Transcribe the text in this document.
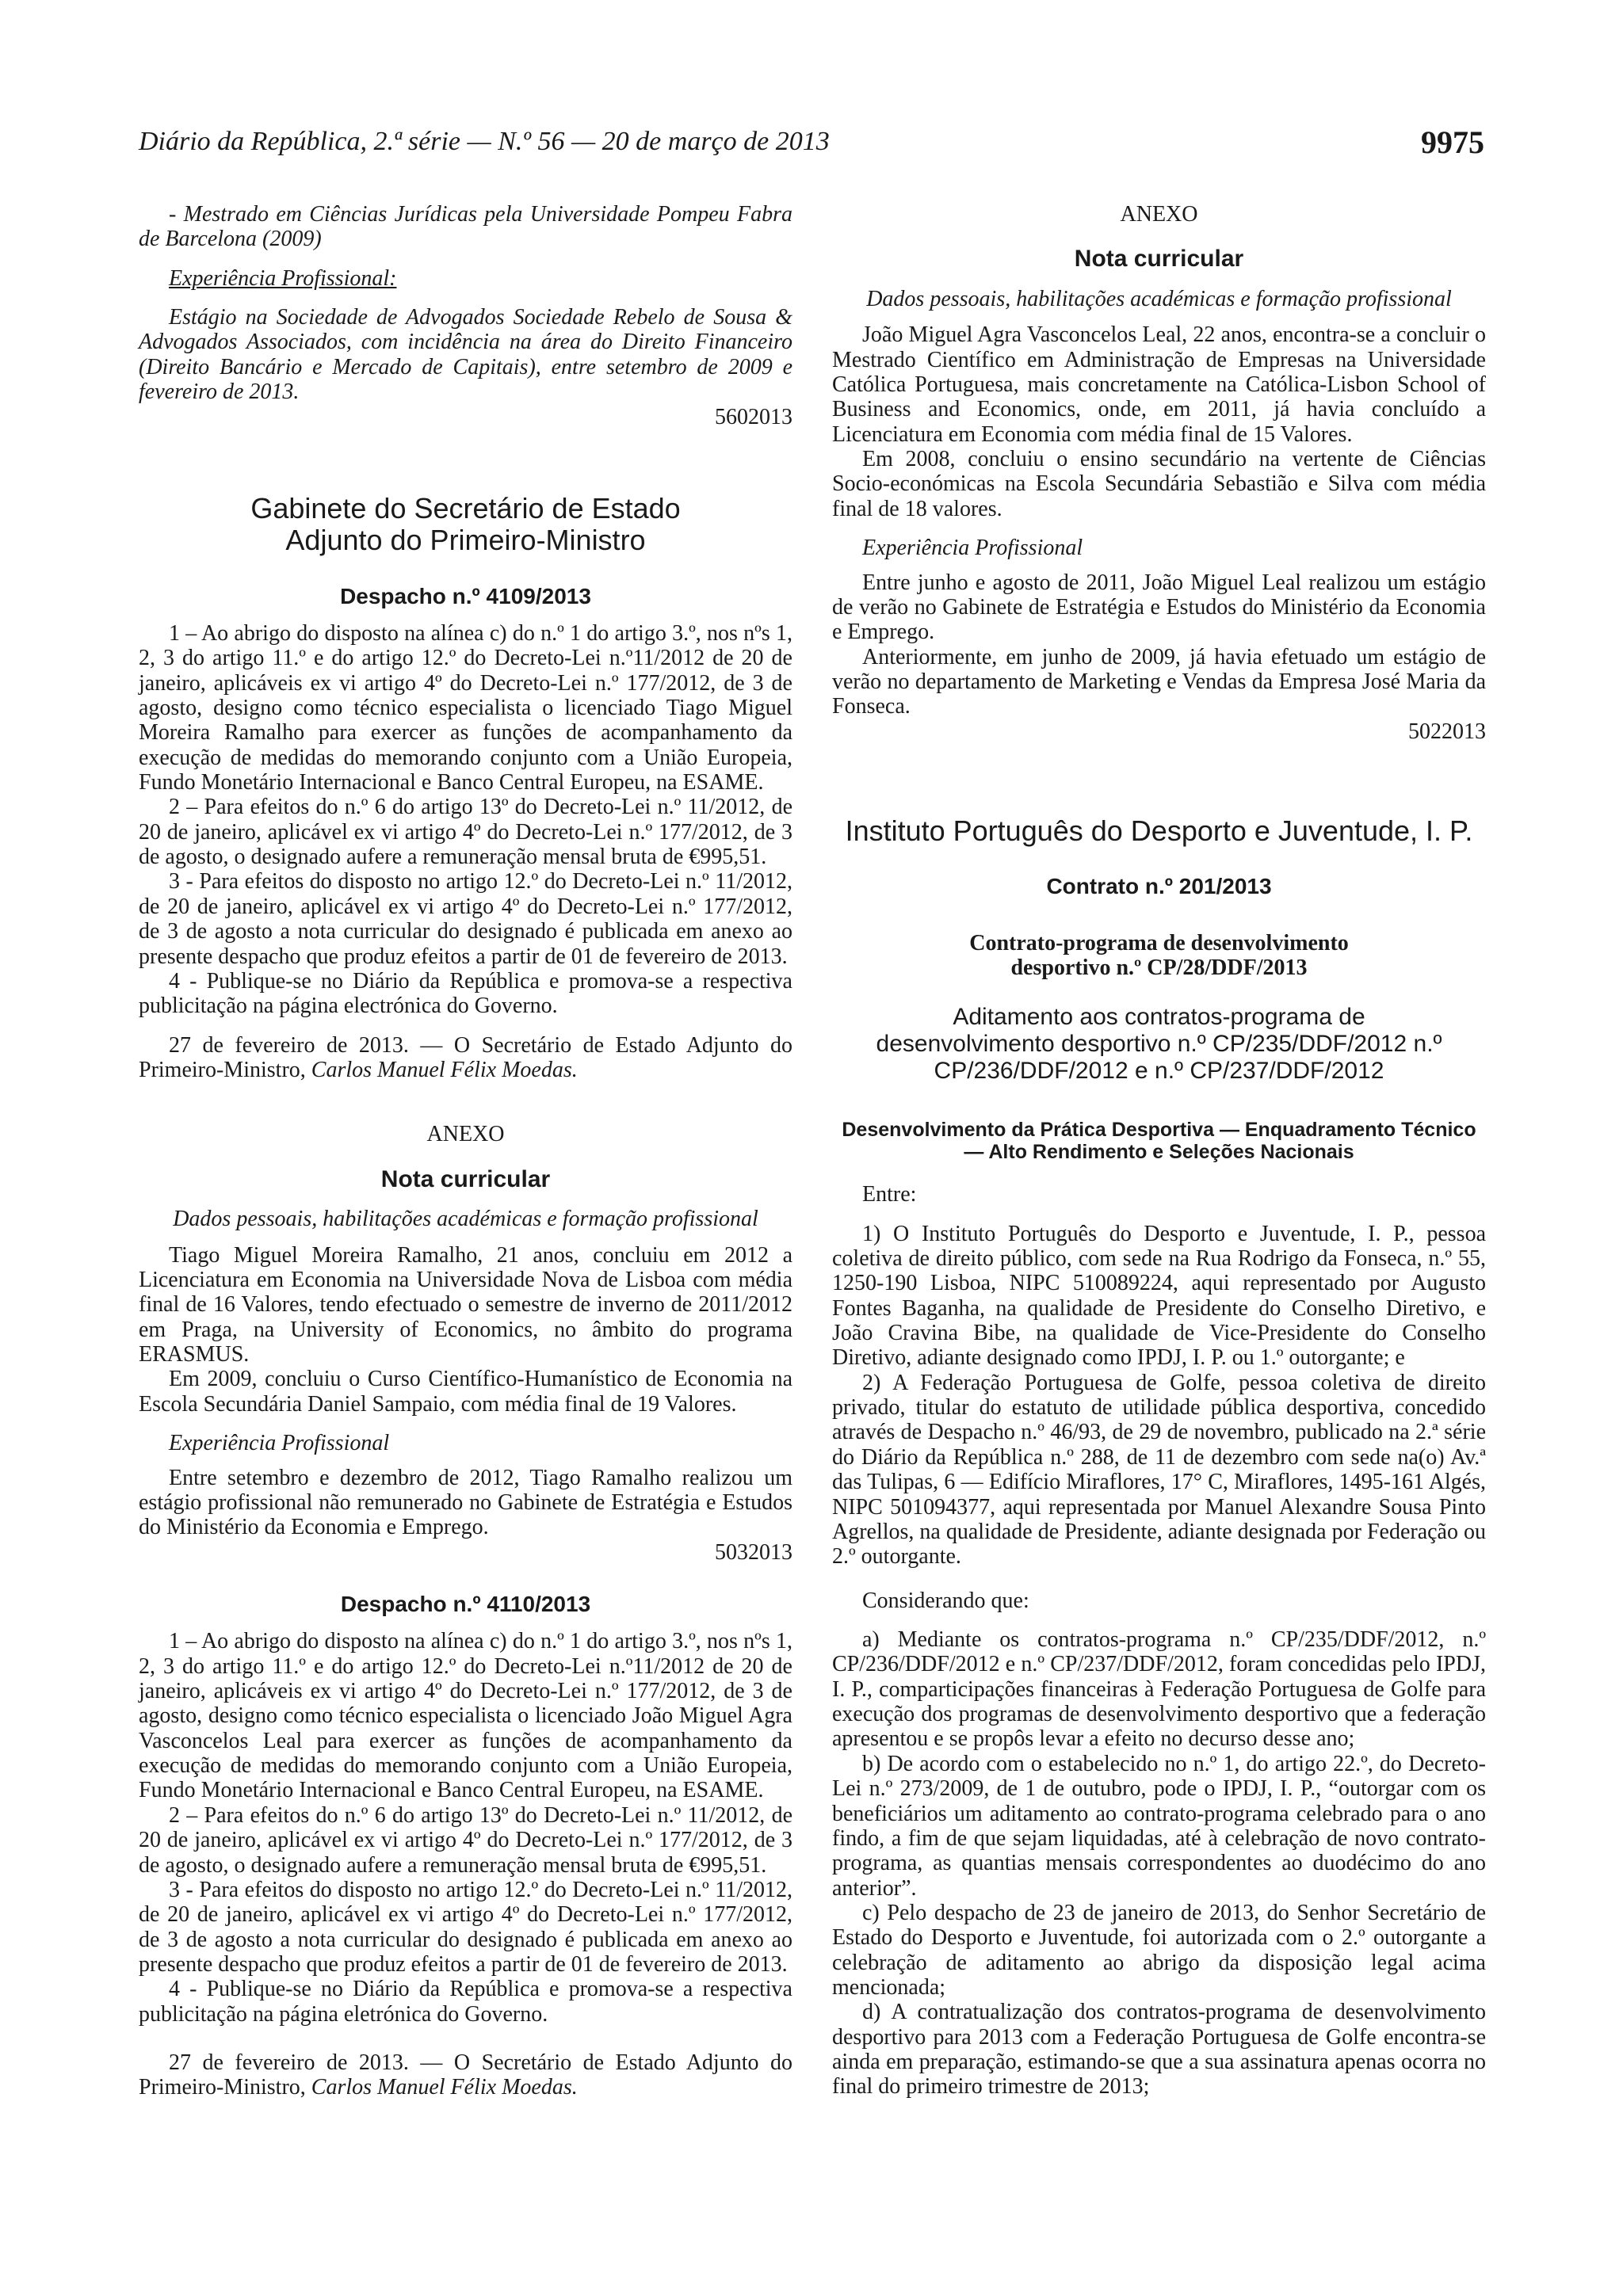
Diário da República, 2.ª série — N.º 56 — 20 de março de 2013	9975

- Mestrado em Ciências Jurídicas pela Universidade Pompeu Fabra de Barcelona (2009)

Experiência Profissional:

Estágio na Sociedade de Advogados Sociedade Rebelo de Sousa & Advogados Associados, com incidência na área do Direito Financeiro (Direito Bancário e Mercado de Capitais), entre setembro de 2009 e fevereiro de 2013.

5602013

Gabinete do Secretário de Estado Adjunto do Primeiro-Ministro
Despacho n.º 4109/2013

1 – Ao abrigo do disposto na alínea c) do n.º 1 do artigo 3.º, nos nºs 1, 2, 3 do artigo 11.º e do artigo 12.º do Decreto-Lei n.º11/2012 de 20 de janeiro, aplicáveis ex vi artigo 4º do Decreto-Lei n.º 177/2012, de 3 de agosto, designo como técnico especialista o licenciado Tiago Miguel Moreira Ramalho para exercer as funções de acompanhamento da execução de medidas do memorando conjunto com a União Europeia, Fundo Monetário Internacional e Banco Central Europeu, na ESAME.

2 – Para efeitos do n.º 6 do artigo 13º do Decreto-Lei n.º 11/2012, de 20 de janeiro, aplicável ex vi artigo 4º do Decreto-Lei n.º 177/2012, de 3 de agosto, o designado aufere a remuneração mensal bruta de €995,51.

3 - Para efeitos do disposto no artigo 12.º do Decreto-Lei n.º 11/2012, de 20 de janeiro, aplicável ex vi artigo 4º do Decreto-Lei n.º 177/2012, de 3 de agosto a nota curricular do designado é publicada em anexo ao presente despacho que produz efeitos a partir de 01 de fevereiro de 2013.

4 - Publique-se no Diário da República e promova-se a respectiva publicitação na página electrónica do Governo.

27 de fevereiro de 2013. — O Secretário de Estado Adjunto do Primeiro-Ministro, Carlos Manuel Félix Moedas.

ANEXO
Nota curricular
Dados pessoais, habilitações académicas e formação profissional

Tiago Miguel Moreira Ramalho, 21 anos, concluiu em 2012 a Licenciatura em Economia na Universidade Nova de Lisboa com média final de 16 Valores, tendo efectuado o semestre de inverno de 2011/2012 em Praga, na University of Economics, no âmbito do programa ERASMUS.

Em 2009, concluiu o Curso Científico-Humanístico de Economia na Escola Secundária Daniel Sampaio, com média final de 19 Valores.

Experiência Profissional

Entre setembro e dezembro de 2012, Tiago Ramalho realizou um estágio profissional não remunerado no Gabinete de Estratégia e Estudos do Ministério da Economia e Emprego.

5032013

Despacho n.º 4110/2013

1 – Ao abrigo do disposto na alínea c) do n.º 1 do artigo 3.º, nos nºs 1, 2, 3 do artigo 11.º e do artigo 12.º do Decreto-Lei n.º11/2012 de 20 de janeiro, aplicáveis ex vi artigo 4º do Decreto-Lei n.º 177/2012, de 3 de agosto, designo como técnico especialista o licenciado João Miguel Agra Vasconcelos Leal para exercer as funções de acompanhamento da execução de medidas do memorando conjunto com a União Europeia, Fundo Monetário Internacional e Banco Central Europeu, na ESAME.

2 – Para efeitos do n.º 6 do artigo 13º do Decreto-Lei n.º 11/2012, de 20 de janeiro, aplicável ex vi artigo 4º do Decreto-Lei n.º 177/2012, de 3 de agosto, o designado aufere a remuneração mensal bruta de €995,51.

3 - Para efeitos do disposto no artigo 12.º do Decreto-Lei n.º 11/2012, de 20 de janeiro, aplicável ex vi artigo 4º do Decreto-Lei n.º 177/2012, de 3 de agosto a nota curricular do designado é publicada em anexo ao presente despacho que produz efeitos a partir de 01 de fevereiro de 2013.

4 - Publique-se no Diário da República e promova-se a respectiva publicitação na página eletrónica do Governo.

27 de fevereiro de 2013. — O Secretário de Estado Adjunto do Primeiro-Ministro, Carlos Manuel Félix Moedas.

ANEXO
Nota curricular
Dados pessoais, habilitações académicas e formação profissional

João Miguel Agra Vasconcelos Leal, 22 anos, encontra-se a concluir o Mestrado Científico em Administração de Empresas na Universidade Católica Portuguesa, mais concretamente na Católica-Lisbon School of Business and Economics, onde, em 2011, já havia concluído a Licenciatura em Economia com média final de 15 Valores.

Em 2008, concluiu o ensino secundário na vertente de Ciências Socio-económicas na Escola Secundária Sebastião e Silva com média final de 18 valores.

Experiência Profissional

Entre junho e agosto de 2011, João Miguel Leal realizou um estágio de verão no Gabinete de Estratégia e Estudos do Ministério da Economia e Emprego.

Anteriormente, em junho de 2009, já havia efetuado um estágio de verão no departamento de Marketing e Vendas da Empresa José Maria da Fonseca.

5022013

Instituto Português do Desporto e Juventude, I. P.
Contrato n.º 201/2013
Contrato-programa de desenvolvimento desportivo n.º CP/28/DDF/2013
Aditamento aos contratos-programa de desenvolvimento desportivo n.º CP/235/DDF/2012 n.º CP/236/DDF/2012 e n.º CP/237/DDF/2012
Desenvolvimento da Prática Desportiva — Enquadramento Técnico — Alto Rendimento e Seleções Nacionais

Entre:

1) O Instituto Português do Desporto e Juventude, I. P., pessoa coletiva de direito público, com sede na Rua Rodrigo da Fonseca, n.º 55, 1250-190 Lisboa, NIPC 510089224, aqui representado por Augusto Fontes Baganha, na qualidade de Presidente do Conselho Diretivo, e João Cravina Bibe, na qualidade de Vice-Presidente do Conselho Diretivo, adiante designado como IPDJ, I. P. ou 1.º outorgante; e

2) A Federação Portuguesa de Golfe, pessoa coletiva de direito privado, titular do estatuto de utilidade pública desportiva, concedido através de Despacho n.º 46/93, de 29 de novembro, publicado na 2.ª série do Diário da República n.º 288, de 11 de dezembro com sede na(o) Av.ª das Tulipas, 6 — Edifício Miraflores, 17° C, Miraflores, 1495-161 Algés, NIPC 501094377, aqui representada por Manuel Alexandre Sousa Pinto Agrellos, na qualidade de Presidente, adiante designada por Federação ou 2.º outorgante.

Considerando que:

a) Mediante os contratos-programa n.º CP/235/DDF/2012, n.º CP/236/DDF/2012 e n.º CP/237/DDF/2012, foram concedidas pelo IPDJ, I. P., comparticipações financeiras à Federação Portuguesa de Golfe para execução dos programas de desenvolvimento desportivo que a federação apresentou e se propôs levar a efeito no decurso desse ano;

b) De acordo com o estabelecido no n.º 1, do artigo 22.º, do Decreto-Lei n.º 273/2009, de 1 de outubro, pode o IPDJ, I. P., “outorgar com os beneficiários um aditamento ao contrato-programa celebrado para o ano findo, a fim de que sejam liquidadas, até à celebração de novo contrato-programa, as quantias mensais correspondentes ao duodécimo do ano anterior”.

c) Pelo despacho de 23 de janeiro de 2013, do Senhor Secretário de Estado do Desporto e Juventude, foi autorizada com o 2.º outorgante a celebração de aditamento ao abrigo da disposição legal acima mencionada;

d) A contratualização dos contratos-programa de desenvolvimento desportivo para 2013 com a Federação Portuguesa de Golfe encontra-se ainda em preparação, estimando-se que a sua assinatura apenas ocorra no final do primeiro trimestre de 2013;
